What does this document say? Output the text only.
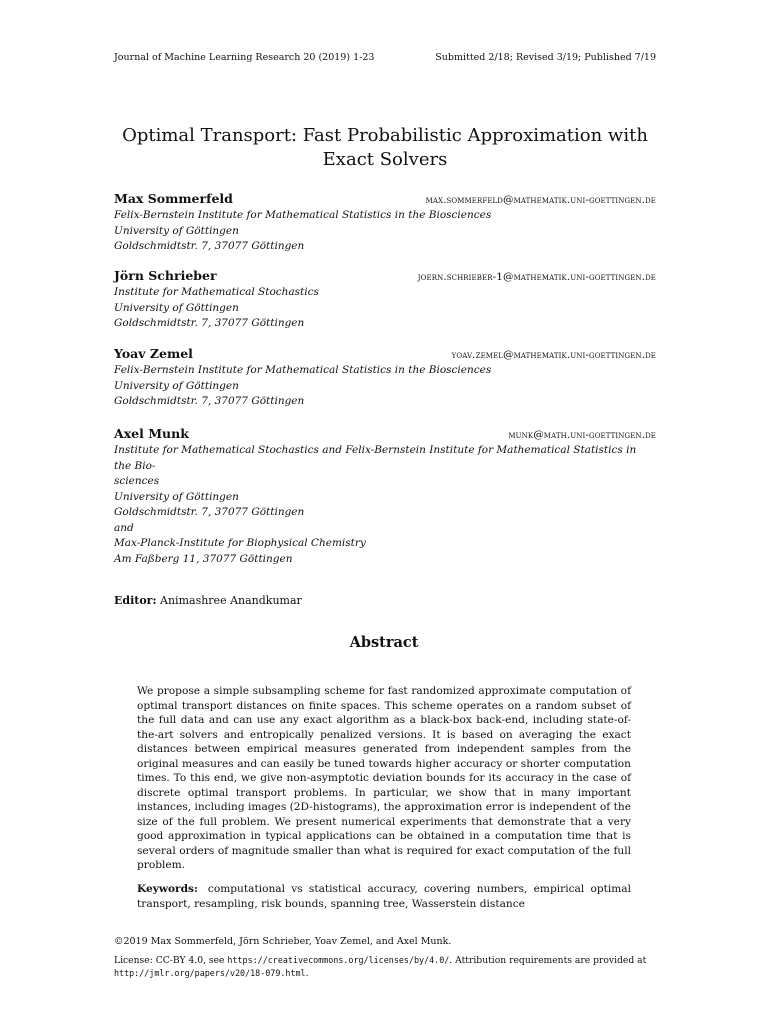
Journal of Machine Learning Research 20 (2019) 1-23	Submitted 2/18; Revised 3/19; Published 7/19
Optimal Transport: Fast Probabilistic Approximation with
Exact Solvers
Max Sommerfeld	max.sommerfeld@mathematik.uni-goettingen.de
Felix-Bernstein Institute for Mathematical Statistics in the Biosciences
University of Göttingen
Goldschmidtstr. 7, 37077 Göttingen
Jörn Schrieber	joern.schrieber-1@mathematik.uni-goettingen.de
Institute for Mathematical Stochastics
University of Göttingen
Goldschmidtstr. 7, 37077 Göttingen
Yoav Zemel	yoav.zemel@mathematik.uni-goettingen.de
Felix-Bernstein Institute for Mathematical Statistics in the Biosciences
University of Göttingen
Goldschmidtstr. 7, 37077 Göttingen
Axel Munk	munk@math.uni-goettingen.de
Institute for Mathematical Stochastics and Felix-Bernstein Institute for Mathematical Statistics in the Bio-
sciences
University of Göttingen
Goldschmidtstr. 7, 37077 Göttingen
and
Max-Planck-Institute for Biophysical Chemistry
Am Faßberg 11, 37077 Göttingen
Editor: Animashree Anandkumar
Abstract
We propose a simple subsampling scheme for fast randomized approximate computation of optimal transport distances on finite spaces. This scheme operates on a random subset of the full data and can use any exact algorithm as a black-box back-end, including state-of-the-art solvers and entropically penalized versions. It is based on averaging the exact distances between empirical measures generated from independent samples from the original measures and can easily be tuned towards higher accuracy or shorter computation times. To this end, we give non-asymptotic deviation bounds for its accuracy in the case of discrete optimal transport problems. In particular, we show that in many important instances, including images (2D-histograms), the approximation error is independent of the size of the full problem. We present numerical experiments that demonstrate that a very good approximation in typical applications can be obtained in a computation time that is several orders of magnitude smaller than what is required for exact computation of the full problem.
Keywords: computational vs statistical accuracy, covering numbers, empirical optimal transport, resampling, risk bounds, spanning tree, Wasserstein distance
©2019 Max Sommerfeld, Jörn Schrieber, Yoav Zemel, and Axel Munk.
License: CC-BY 4.0, see https://creativecommons.org/licenses/by/4.0/. Attribution requirements are provided at
http://jmlr.org/papers/v20/18-079.html.
